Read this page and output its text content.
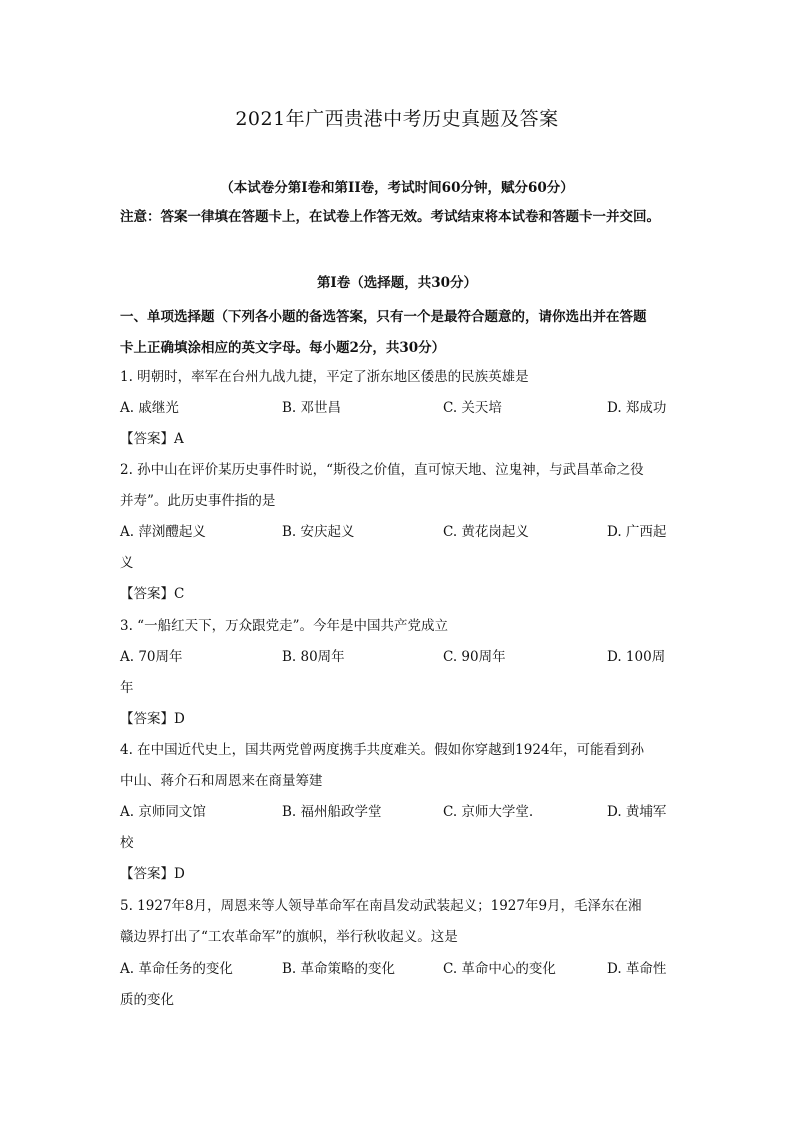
2021年广西贵港中考历史真题及答案
（本试卷分第I卷和第II卷，考试时间60分钟，赋分60分）
注意：答案一律填在答题卡上，在试卷上作答无效。考试结束将本试卷和答题卡一并交回。
第I卷（选择题，共30分）
一、单项选择题（下列各小题的备选答案，只有一个是最符合题意的，请你选出并在答题
卡上正确填涂相应的英文字母。每小题2分，共30分）
1. 明朝时，率军在台州九战九捷，平定了浙东地区倭患的民族英雄是
A. 戚继光	B. 邓世昌	C. 关天培	D. 郑成功
【答案】A
2. 孙中山在评价某历史事件时说，“斯役之价值，直可惊天地、泣鬼神，与武昌革命之役
并寿”。此历史事件指的是
A. 萍浏醴起义	B. 安庆起义	C. 黄花岗起义	D. 广西起
义
【答案】C
3. “一船红天下，万众跟党走”。今年是中国共产党成立
A. 70周年	B. 80周年	C. 90周年	D. 100周
年
【答案】D
4. 在中国近代史上，国共两党曾两度携手共度难关。假如你穿越到1924年，可能看到孙
中山、蒋介石和周恩来在商量筹建
A. 京师同文馆	B. 福州船政学堂	C. 京师大学堂.	D. 黄埔军
校
【答案】D
5. 1927年8月，周恩来等人领导革命军在南昌发动武装起义；1927年9月，毛泽东在湘
赣边界打出了“工农革命军”的旗帜，举行秋收起义。这是
A. 革命任务的变化	B. 革命策略的变化	C. 革命中心的变化	D. 革命性
质的变化
